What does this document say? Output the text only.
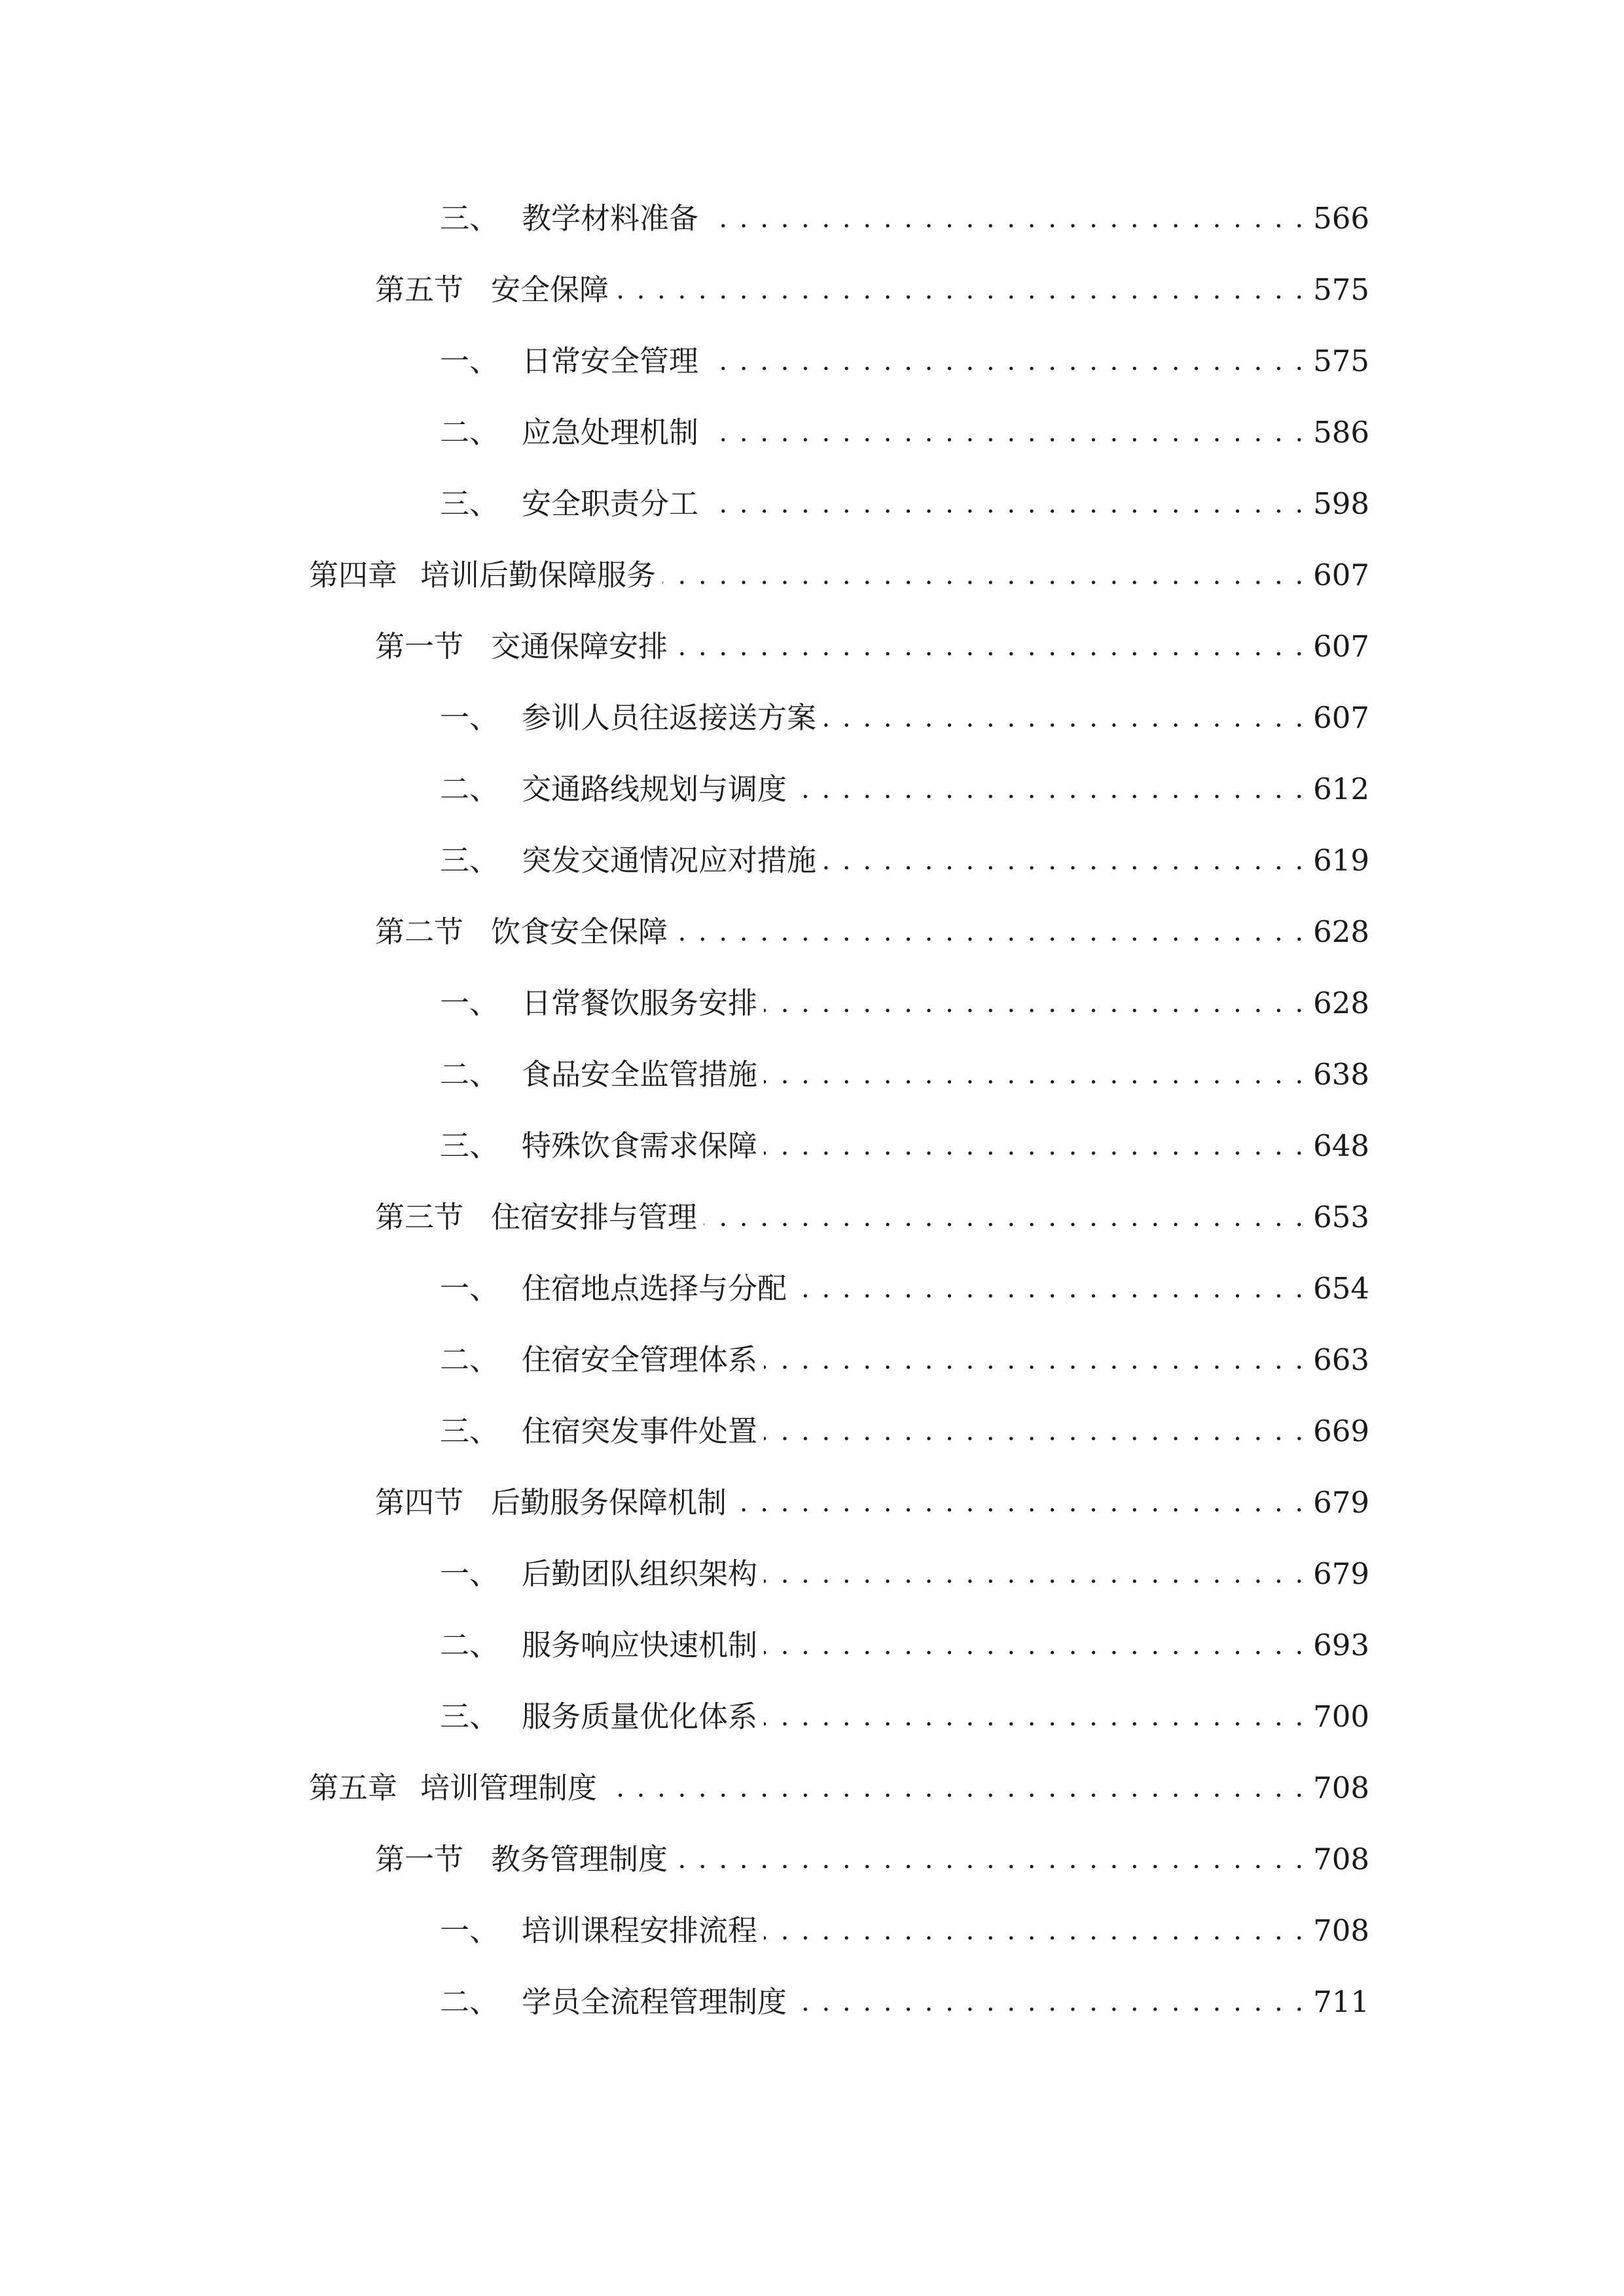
三、 教学材料准备 . . .	566
第五节 安全保障 . . .	575
一、 日常安全管理 . . .	575
二、 应急处理机制 . . .	586
三、 安全职责分工 . . .	598
第四章 培训后勤保障服务 . . .	607
第一节 交通保障安排 . . .	607
一、 参训人员往返接送方案 . . .	607
二、 交通路线规划与调度 . . .	612
三、 突发交通情况应对措施 . . .	619
第二节 饮食安全保障 . . .	628
一、 日常餐饮服务安排 . . .	628
二、 食品安全监管措施 . . .	638
三、 特殊饮食需求保障 . . .	648
第三节 住宿安排与管理 . . .	653
一、 住宿地点选择与分配 . . .	654
二、 住宿安全管理体系 . . .	663
三、 住宿突发事件处置 . . .	669
第四节 后勤服务保障机制 . . .	679
一、 后勤团队组织架构 . . .	679
二、 服务响应快速机制 . . .	693
三、 服务质量优化体系 . . .	700
第五章 培训管理制度 . . .	708
第一节 教务管理制度 . . .	708
一、 培训课程安排流程 . . .	708
二、 学员全流程管理制度 . . .	711
